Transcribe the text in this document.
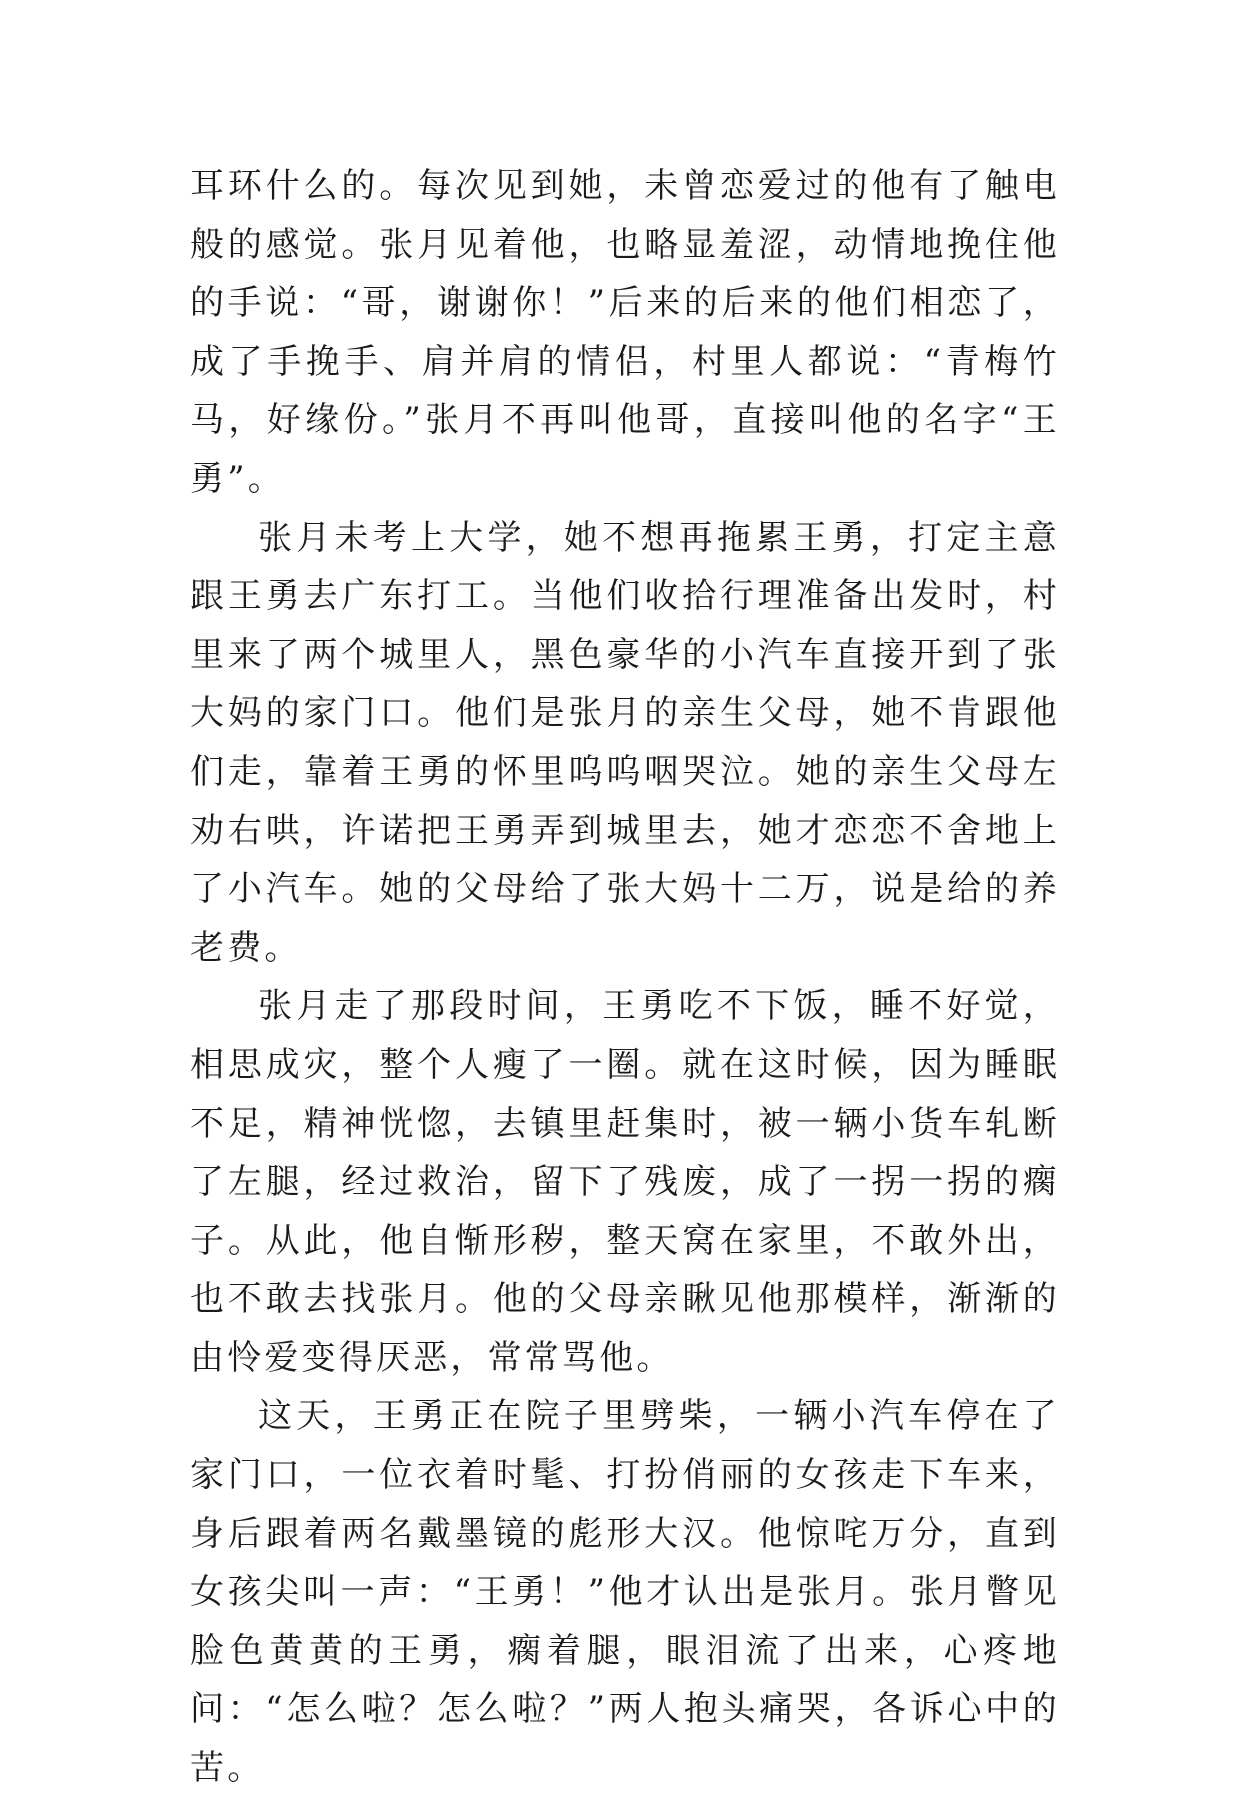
耳环什么的。每次见到她，未曾恋爱过的他有了触电般的感觉。张月见着他，也略显羞涩，动情地挽住他的手说：“哥，谢谢你！”后来的后来的他们相恋了，成了手挽手、肩并肩的情侣，村里人都说：“青梅竹马，好缘份。”张月不再叫他哥，直接叫他的名字“王勇”。

张月未考上大学，她不想再拖累王勇，打定主意跟王勇去广东打工。当他们收拾行理准备出发时，村里来了两个城里人，黑色豪华的小汽车直接开到了张大妈的家门口。他们是张月的亲生父母，她不肯跟他们走，靠着王勇的怀里呜呜咽哭泣。她的亲生父母左劝右哄，许诺把王勇弄到城里去，她才恋恋不舍地上了小汽车。她的父母给了张大妈十二万，说是给的养老费。

张月走了那段时间，王勇吃不下饭，睡不好觉，相思成灾，整个人瘦了一圈。就在这时候，因为睡眠不足，精神恍惚，去镇里赶集时，被一辆小货车轧断了左腿，经过救治，留下了残废，成了一拐一拐的瘸子。从此，他自惭形秽，整天窝在家里，不敢外出，也不敢去找张月。他的父母亲瞅见他那模样，渐渐的由怜爱变得厌恶，常常骂他。

这天，王勇正在院子里劈柴，一辆小汽车停在了家门口，一位衣着时髦、打扮俏丽的女孩走下车来，身后跟着两名戴墨镜的彪形大汉。他惊咤万分，直到女孩尖叫一声：“王勇！”他才认出是张月。张月瞥见脸色黄黄的王勇，瘸着腿，眼泪流了出来，心疼地问：“怎么啦？怎么啦？”两人抱头痛哭，各诉心中的苦。
